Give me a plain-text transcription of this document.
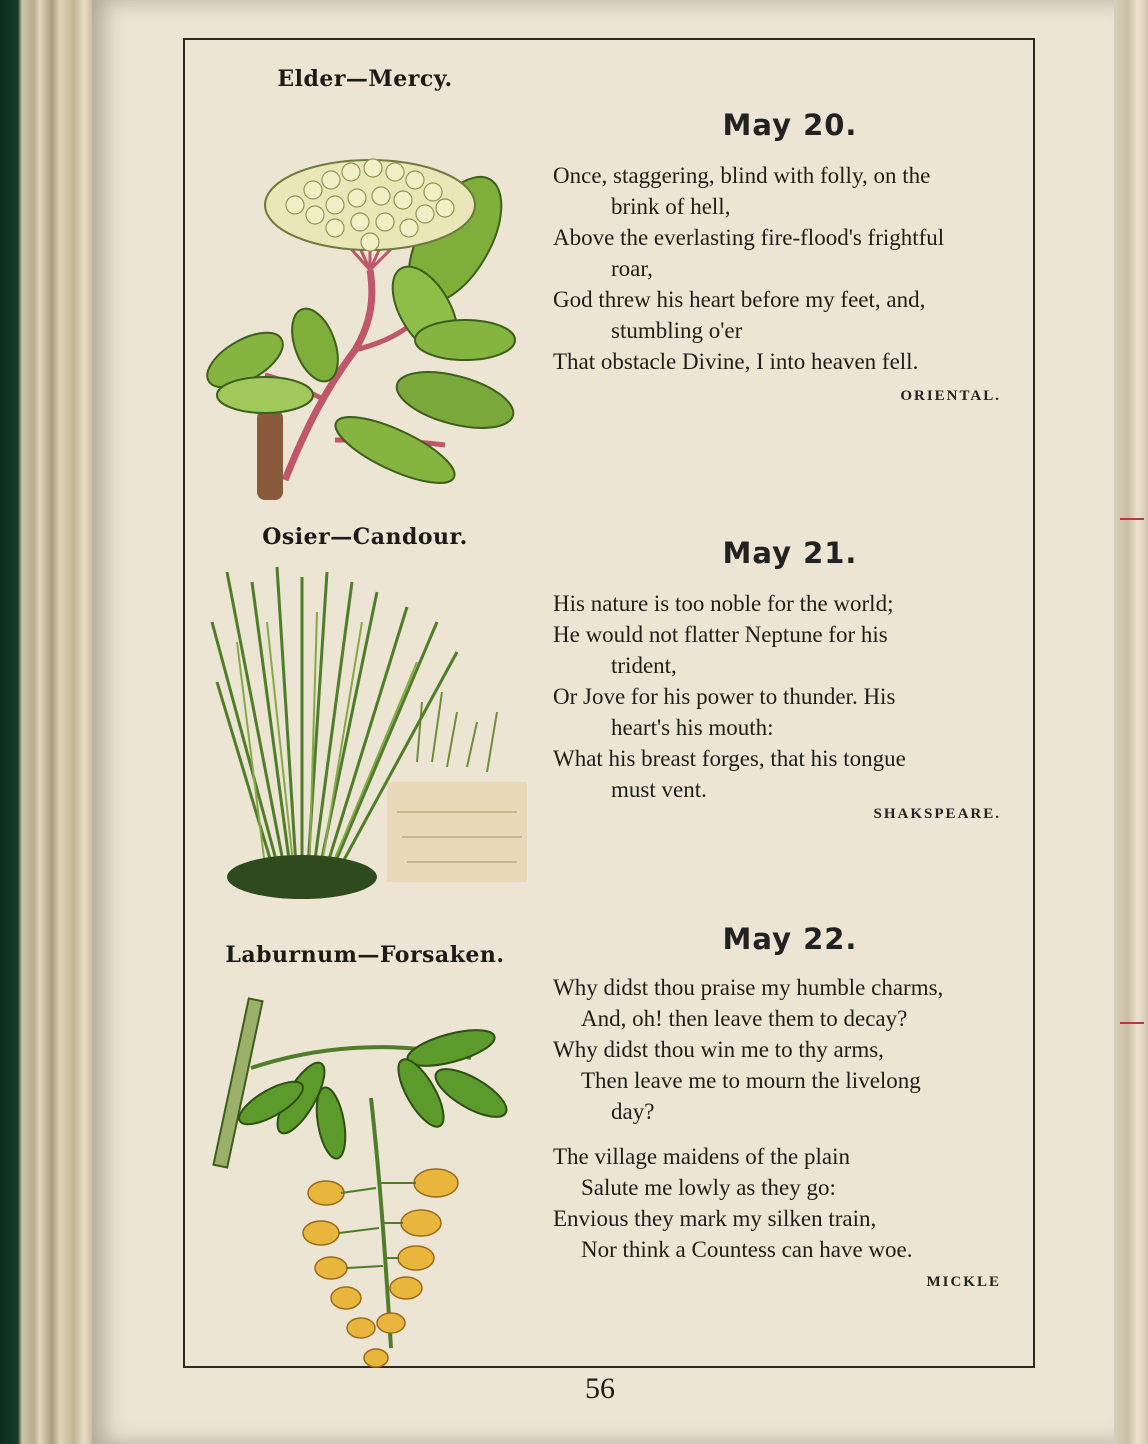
Elder—Mercy.
Osier—Candour.
Laburnum—Forsaken.
May 20.
Once, staggering, blind with folly, on the
brink of hell,
Above the everlasting fire-flood's frightful
roar,
God threw his heart before my feet, and,
stumbling o'er
That obstacle Divine, I into heaven fell.
ORIENTAL.
May 21.
His nature is too noble for the world;
He would not flatter Neptune for his
trident,
Or Jove for his power to thunder. His
heart's his mouth:
What his breast forges, that his tongue
must vent.
SHAKSPEARE.
May 22.
Why didst thou praise my humble charms,
And, oh! then leave them to decay?
Why didst thou win me to thy arms,
Then leave me to mourn the livelong
day?
The village maidens of the plain
Salute me lowly as they go:
Envious they mark my silken train,
Nor think a Countess can have woe.
MICKLE
56
